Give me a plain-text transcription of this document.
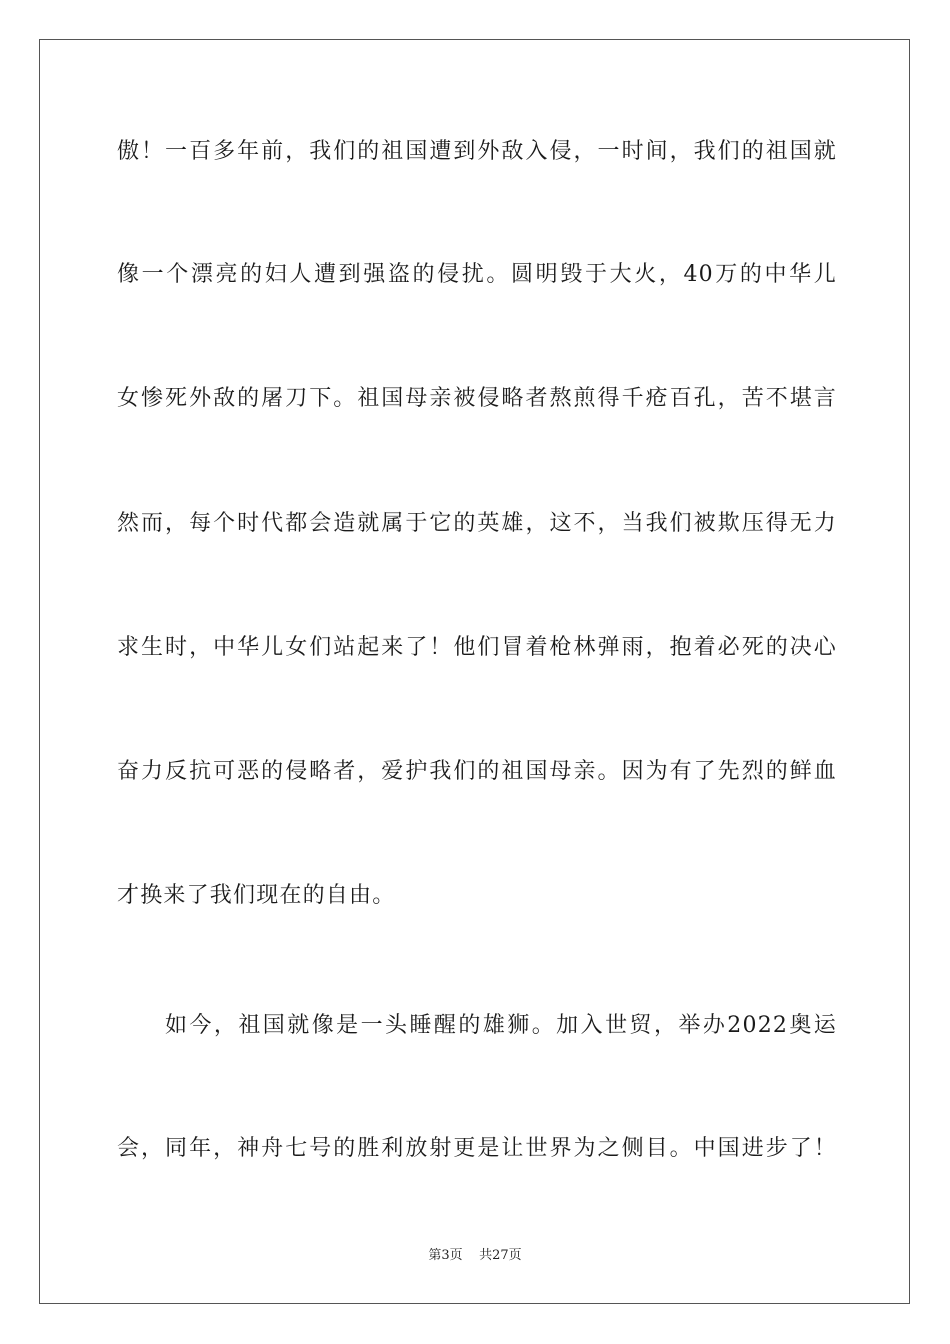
傲！一百多年前，我们的祖国遭到外敌入侵，一时间，我们的祖国就
像一个漂亮的妇人遭到强盗的侵扰。圆明毁于大火，40万的中华儿
女惨死外敌的屠刀下。祖国母亲被侵略者熬煎得千疮百孔，苦不堪言
然而，每个时代都会造就属于它的英雄，这不，当我们被欺压得无力
求生时，中华儿女们站起来了！他们冒着枪林弹雨，抱着必死的决心
奋力反抗可恶的侵略者，爱护我们的祖国母亲。因为有了先烈的鲜血
才换来了我们现在的自由。
如今，祖国就像是一头睡醒的雄狮。加入世贸，举办2022奥运
会，同年，神舟七号的胜利放射更是让世界为之侧目。中国进步了！
第3页 共27页
